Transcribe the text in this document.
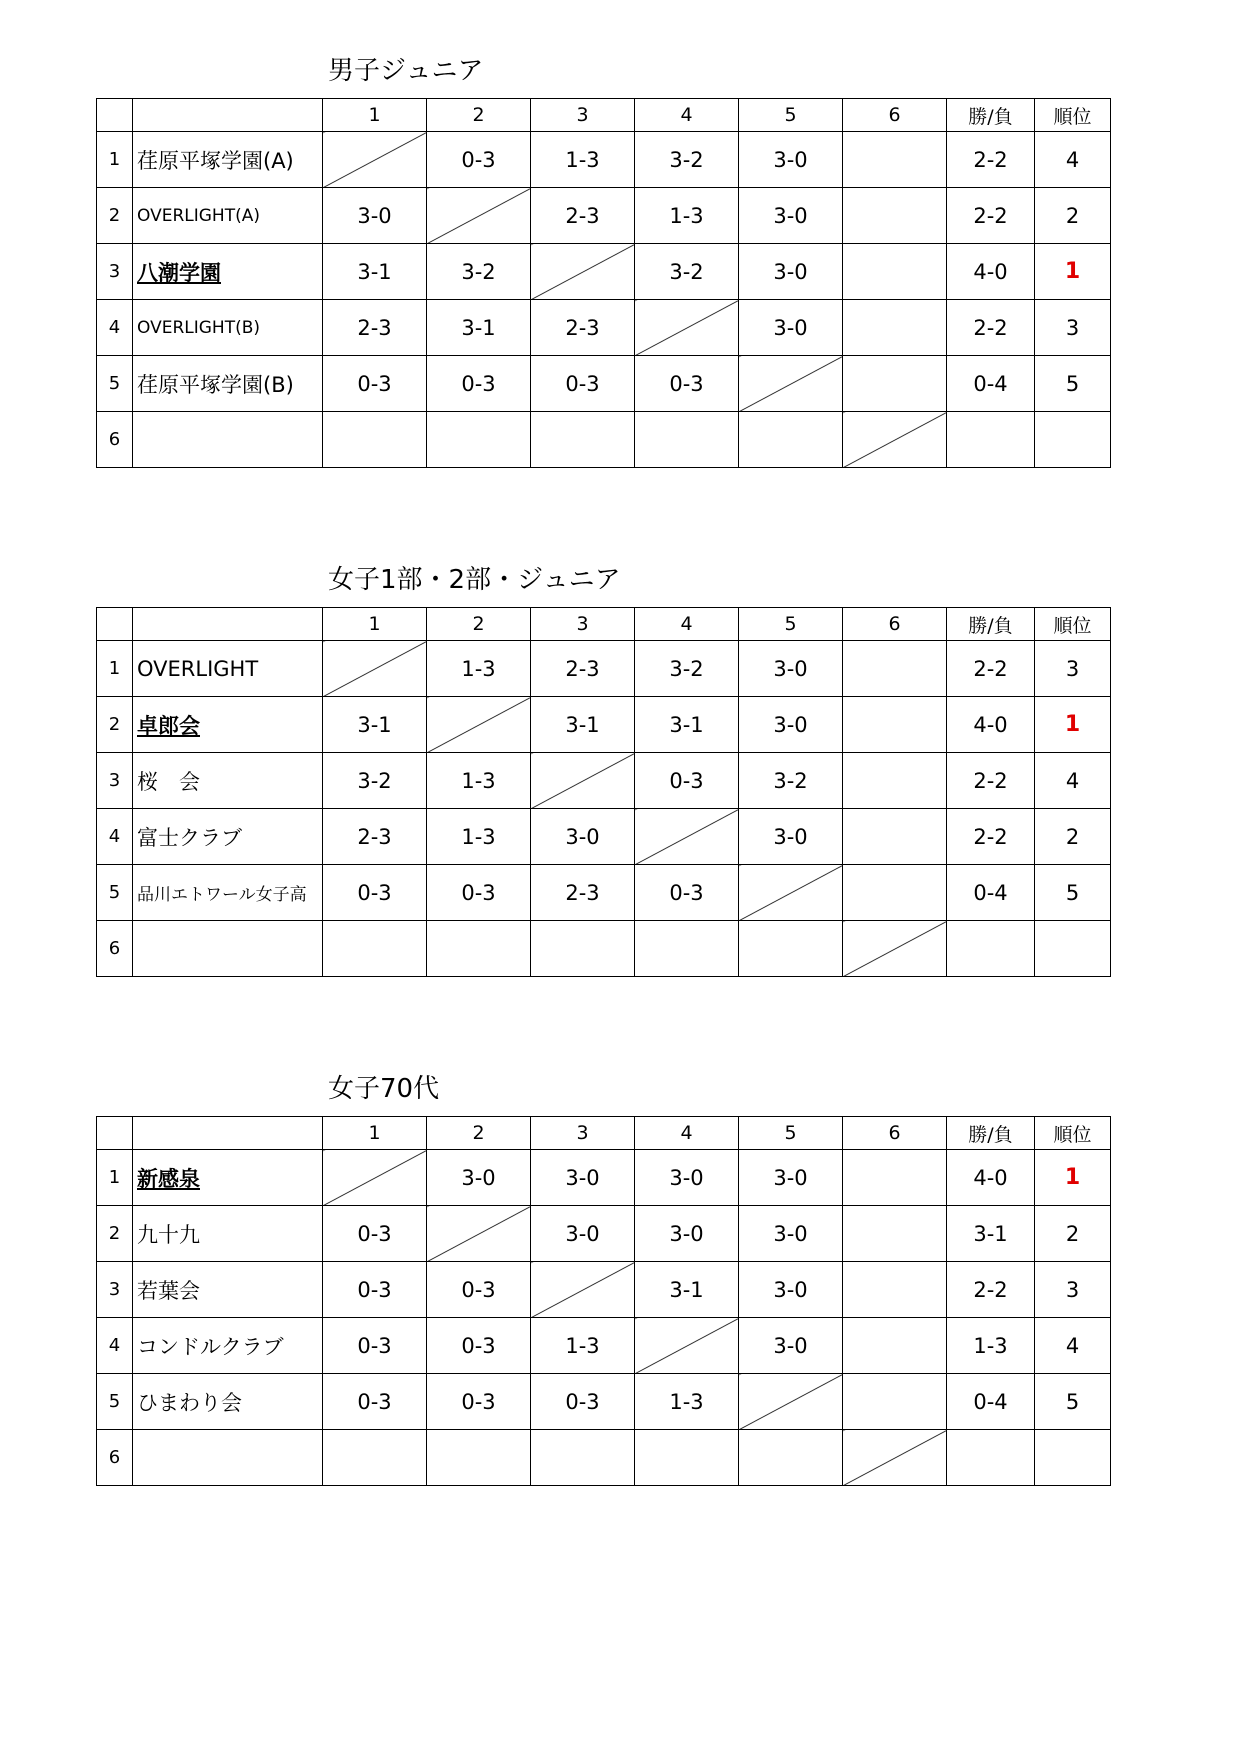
男子ジュニア
		1	2	3	4	5	6	勝/負	順位
1	荏原平塚学園(A)		0-3	1-3	3-2	3-0		2-2	4
2	OVERLIGHT(A)	3-0		2-3	1-3	3-0		2-2	2
3	八潮学園	3-1	3-2		3-2	3-0		4-0	1
4	OVERLIGHT(B)	2-3	3-1	2-3		3-0		2-2	3
5	荏原平塚学園(B)	0-3	0-3	0-3	0-3			0-4	5
6									
女子1部・2部・ジュニア
		1	2	3	4	5	6	勝/負	順位
1	OVERLIGHT		1-3	2-3	3-2	3-0		2-2	3
2	卓郎会	3-1		3-1	3-1	3-0		4-0	1
3	桜　会	3-2	1-3		0-3	3-2		2-2	4
4	富士クラブ	2-3	1-3	3-0		3-0		2-2	2
5	品川エトワール女子高	0-3	0-3	2-3	0-3			0-4	5
6									
女子70代
		1	2	3	4	5	6	勝/負	順位
1	新感泉		3-0	3-0	3-0	3-0		4-0	1
2	九十九	0-3		3-0	3-0	3-0		3-1	2
3	若葉会	0-3	0-3		3-1	3-0		2-2	3
4	コンドルクラブ	0-3	0-3	1-3		3-0		1-3	4
5	ひまわり会	0-3	0-3	0-3	1-3			0-4	5
6									
